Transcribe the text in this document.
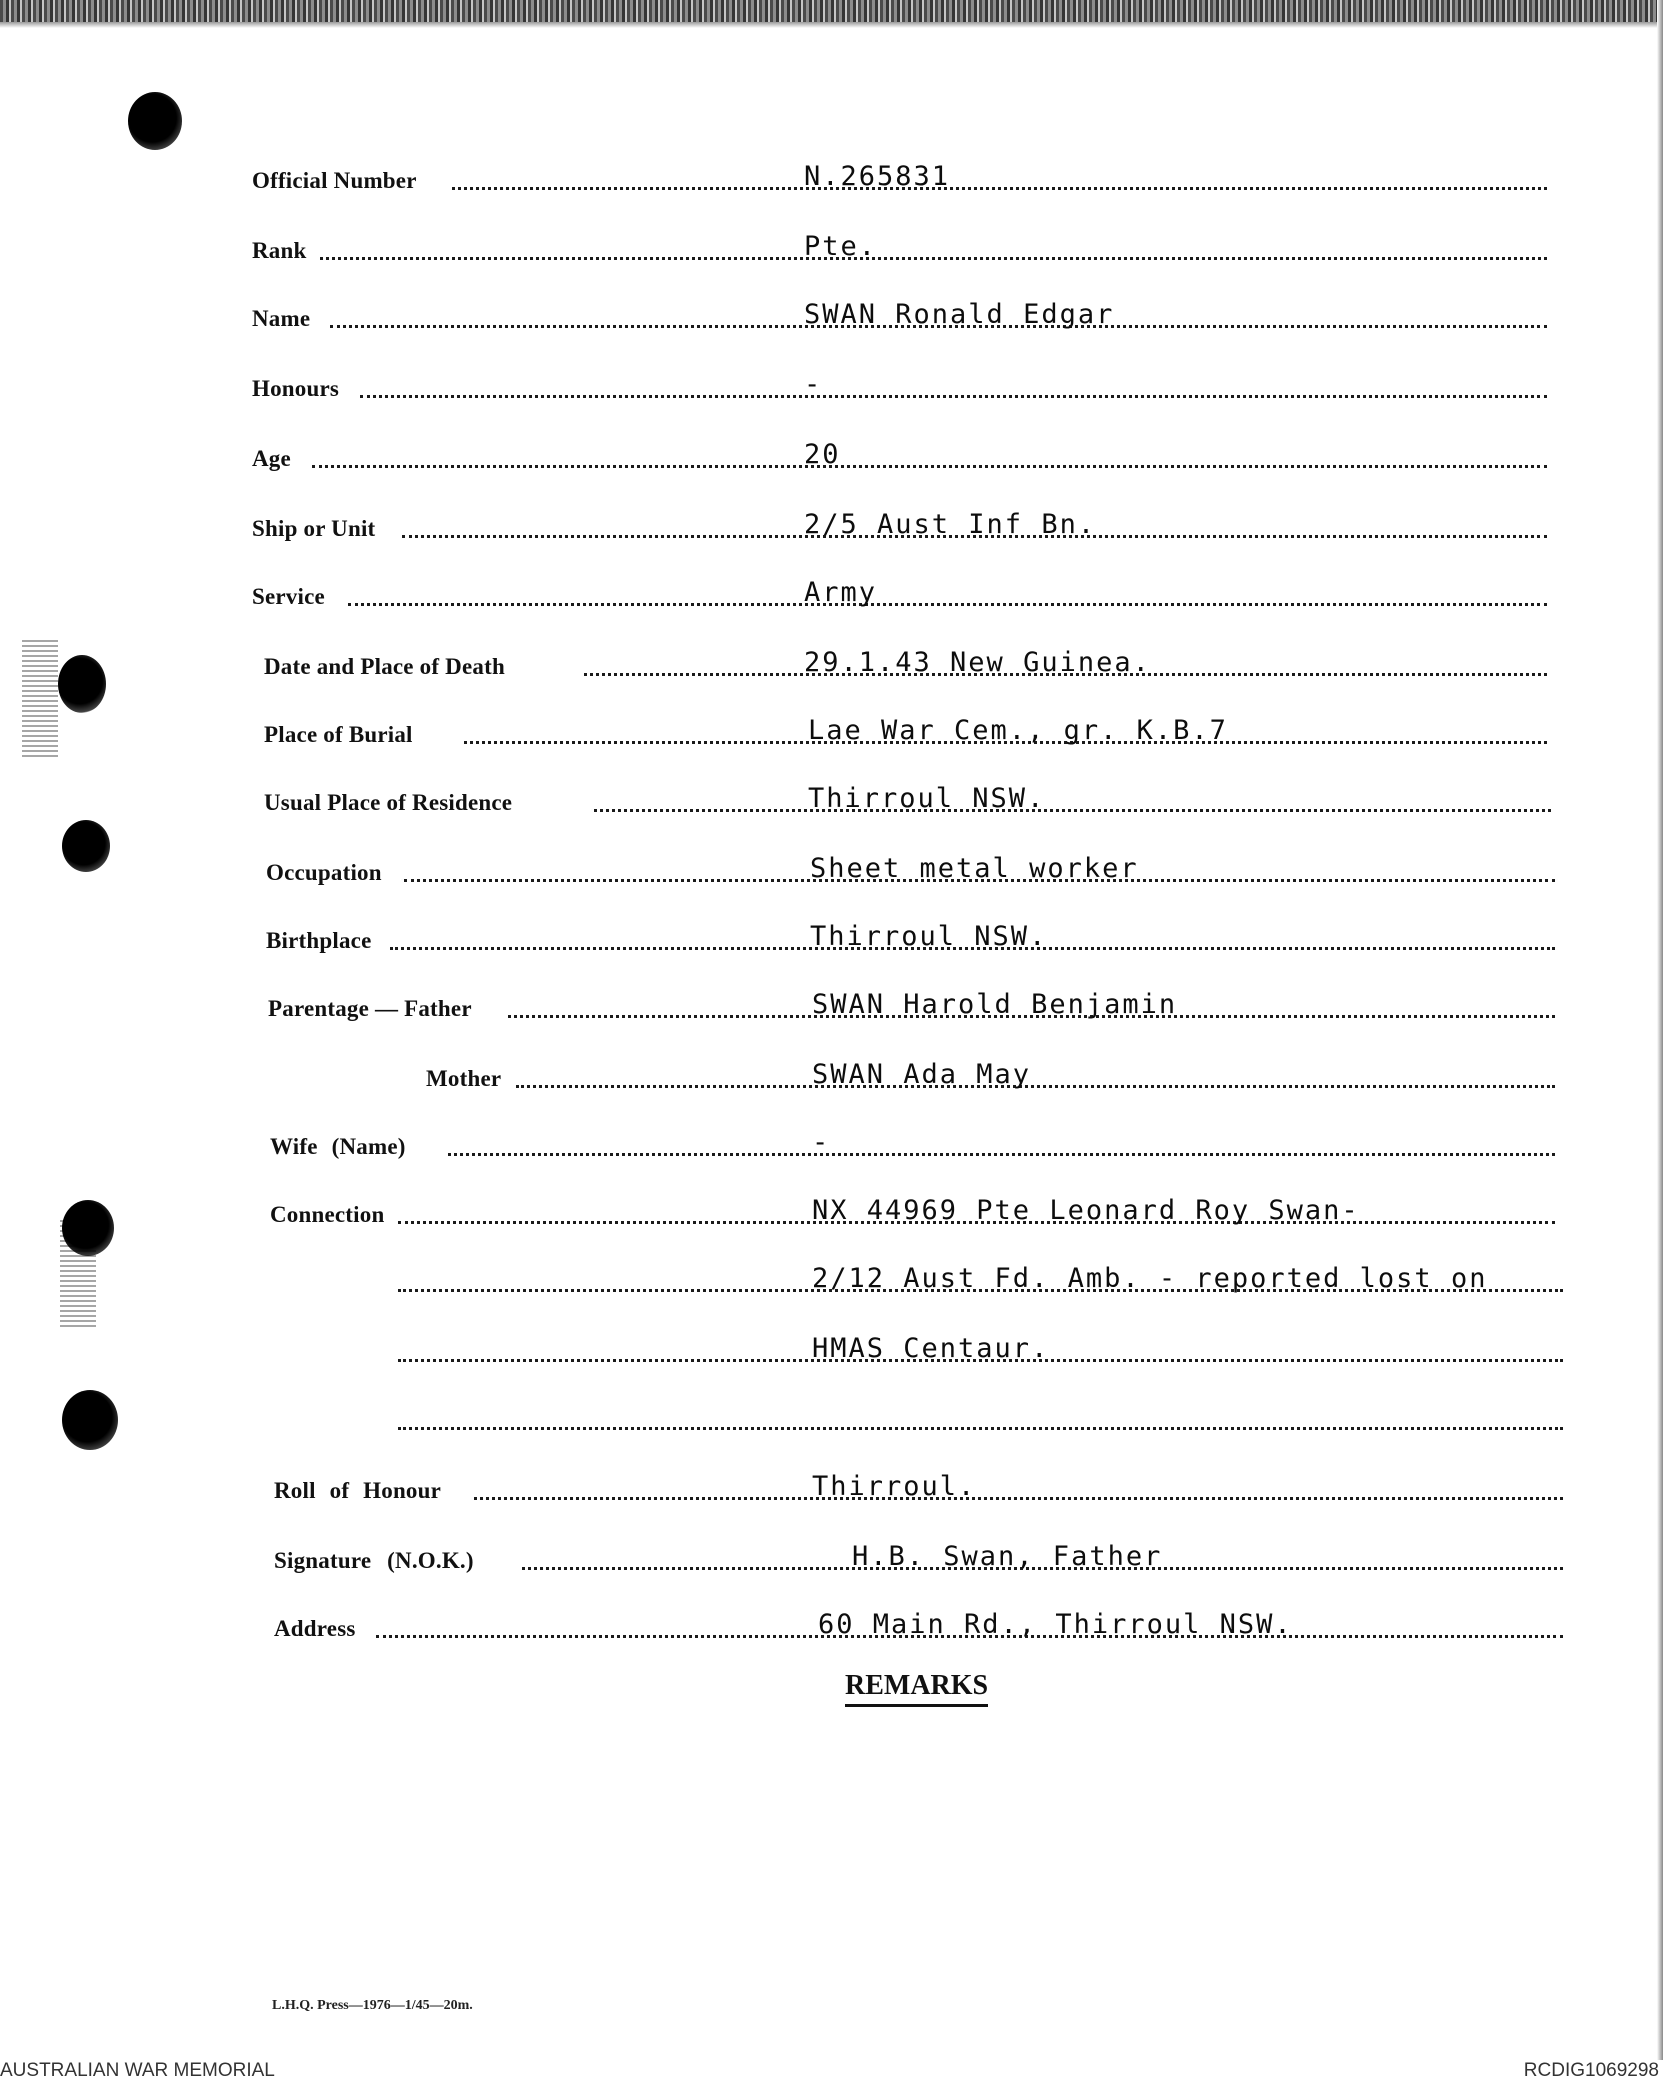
Official Number	N.265831
Rank	Pte.
Name	SWAN Ronald Edgar
Honours	-
Age	20
Ship or Unit	2/5 Aust Inf Bn.
Service	Army
Date and Place of Death	29.1.43 New Guinea.
Place of Burial	Lae War Cem., gr. K.B.7
Usual Place of Residence	Thirroul NSW.
Occupation	Sheet metal worker
Birthplace	Thirroul NSW.
Parentage — Father	SWAN Harold Benjamin
Mother	SWAN Ada May
Wife (Name)	-
Connection	NX 44969 Pte Leonard Roy Swan-
2/12 Aust Fd. Amb. - reported lost on
HMAS Centaur.
Roll of Honour	Thirroul.
Signature (N.O.K.)	H.B. Swan, Father
Address	60 Main Rd., Thirroul NSW.
REMARKS
L.H.Q. Press—1976—1/45—20m.
AUSTRALIAN WAR MEMORIAL	RCDIG1069298
